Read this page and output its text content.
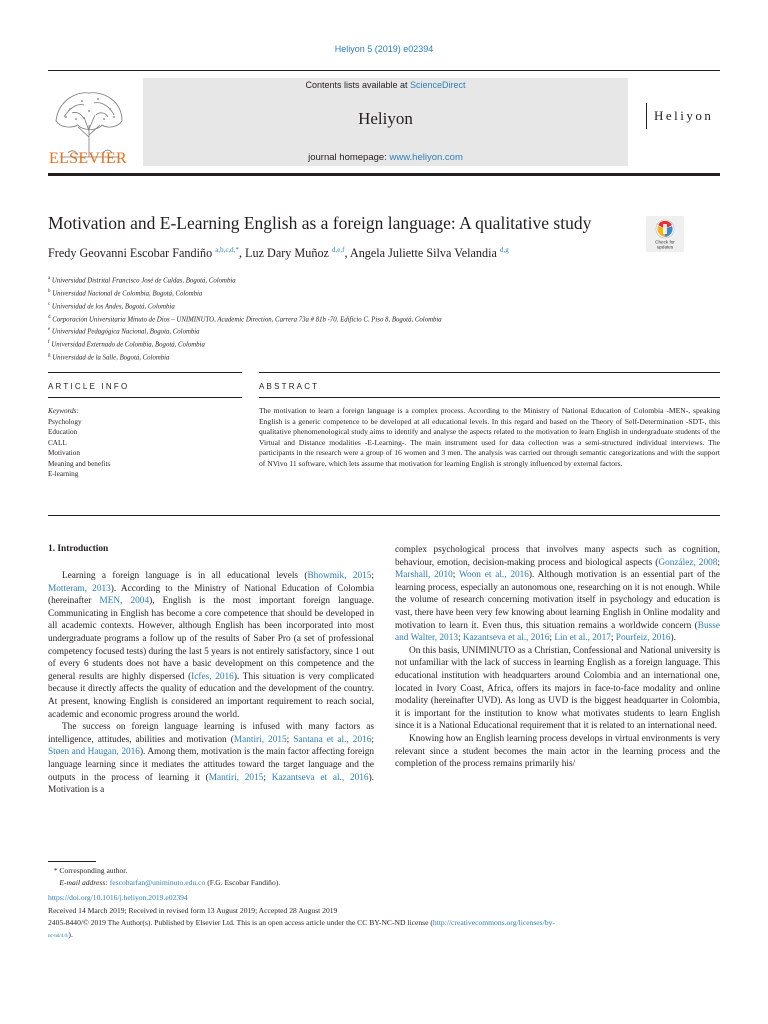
Heliyon 5 (2019) e02394
ELSEVIER
Contents lists available at ScienceDirect
Heliyon
journal homepage: www.heliyon.com
Heliyon
Motivation and E-Learning English as a foreign language: A qualitative study
Check for
updates
Fredy Geovanni Escobar Fandiño $^{a,b,c,d,*}$, Luz Dary Muñoz $^{d,e,f}$, Angela Juliette Silva Velandia $^{d,g}$
$^a$ Universidad Distrital Francisco José de Caldas, Bogotá, Colombia
$^b$ Universidad Nacional de Colombia, Bogotá, Colombia
$^c$ Universidad de los Andes, Bogotá, Colombia
$^d$ Corporación Universitaria Minuto de Dios – UNIMINUTO, Academic Direction, Carrera 73a # 81b -70. Edificio C. Piso 8, Bogotá, Colombia
$^e$ Universidad Pedagógica Nacional, Bogota, Colombia
$^f$ Universidad Externado de Colombia, Bogotá, Colombia
$^g$ Universidad de la Salle, Bogotá, Colombia
ARTICLE INFO	ABSTRACT
Keywords:
Psychology
Education
CALL
Motivation
Meaning and benefits
E-learning
The motivation to learn a foreign language is a complex process. According to the Ministry of National Education of Colombia -MEN-, speaking English is a generic competence to be developed at all educational levels. In this regard and based on the Theory of Self-Determination -SDT-, this qualitative phenomenological study aims to identify and analyse the aspects related to the motivation to learn English in undergraduate students of the Virtual and Distance modalities -E-Learning-. The main instrument used for data collection was a semi-structured individual interviews. The participants in the research were a group of 16 women and 3 men. The analysis was carried out through semantic categorizations and with the support of NVivo 11 software, which lets assume that motivation for learning English is strongly influenced by external factors.
1. Introduction

Learning a foreign language is in all educational levels (Bhowmik, 2015; Motteram, 2013). According to the Ministry of National Education of Colombia (hereinafter MEN, 2004), English is the most important foreign language. Communicating in English has become a core competence that should be developed in all academic contexts. However, although English has been incorporated into most undergraduate programs a follow up of the results of Saber Pro (a set of professional competency focused tests) during the last 5 years is not entirely satisfactory, since 1 out of every 6 students does not have a basic development on this competence and the general results are highly dispersed (Icfes, 2016). This situation is very complicated because it directly affects the quality of education and the development of the country. At present, knowing English is considered an important requirement to reach social, academic and economic progress around the world.

The success on foreign language learning is infused with many factors as intelligence, attitudes, abilities and motivation (Mantiri, 2015; Santana et al., 2016; Støen and Haugan, 2016). Among them, motivation is the main factor affecting foreign language learning since it mediates the attitudes toward the target language and the outputs in the process of learning it (Mantiri, 2015; Kazantseva et al., 2016). Motivation is a

complex psychological process that involves many aspects such as cognition, behaviour, emotion, decision-making process and biological aspects (González, 2008; Marshall, 2010; Woon et al., 2016). Although motivation is an essential part of the learning process, especially an autonomous one, researching on it is not enough. While the volume of research concerning motivation itself in psychology and education is vast, there have been very few knowing about learning English in Online modality and motivation to learn it. Even thus, this situation remains a worldwide concern (Busse and Walter, 2013; Kazantseva et al., 2016; Lin et al., 2017; Pourfeiz, 2016).

On this basis, UNIMINUTO as a Christian, Confessional and National university is not unfamiliar with the lack of success in learning English as a foreign language. This educational institution with headquarters around Colombia and an international one, located in Ivory Coast, Africa, offers its majors in face-to-face modality and online modality (hereinafter UVD). As long as UVD is the biggest headquarter in Colombia, it is important for the institution to know what motivates students to learn English since it is a National Educational requirement that it is related to an international need.

Knowing how an English learning process develops in virtual environments is very relevant since a student becomes the main actor in the learning process and the completion of the process remains primarily his/

* Corresponding author.
E-mail address: fescobarfan@uniminuto.edu.co (F.G. Escobar Fandiño).
https://doi.org/10.1016/j.heliyon.2019.e02394
Received 14 March 2019; Received in revised form 13 August 2019; Accepted 28 August 2019
2405-8440/© 2019 The Author(s). Published by Elsevier Ltd. This is an open access article under the CC BY-NC-ND license (http://creativecommons.org/licenses/by-
nc-nd/4.0/).
